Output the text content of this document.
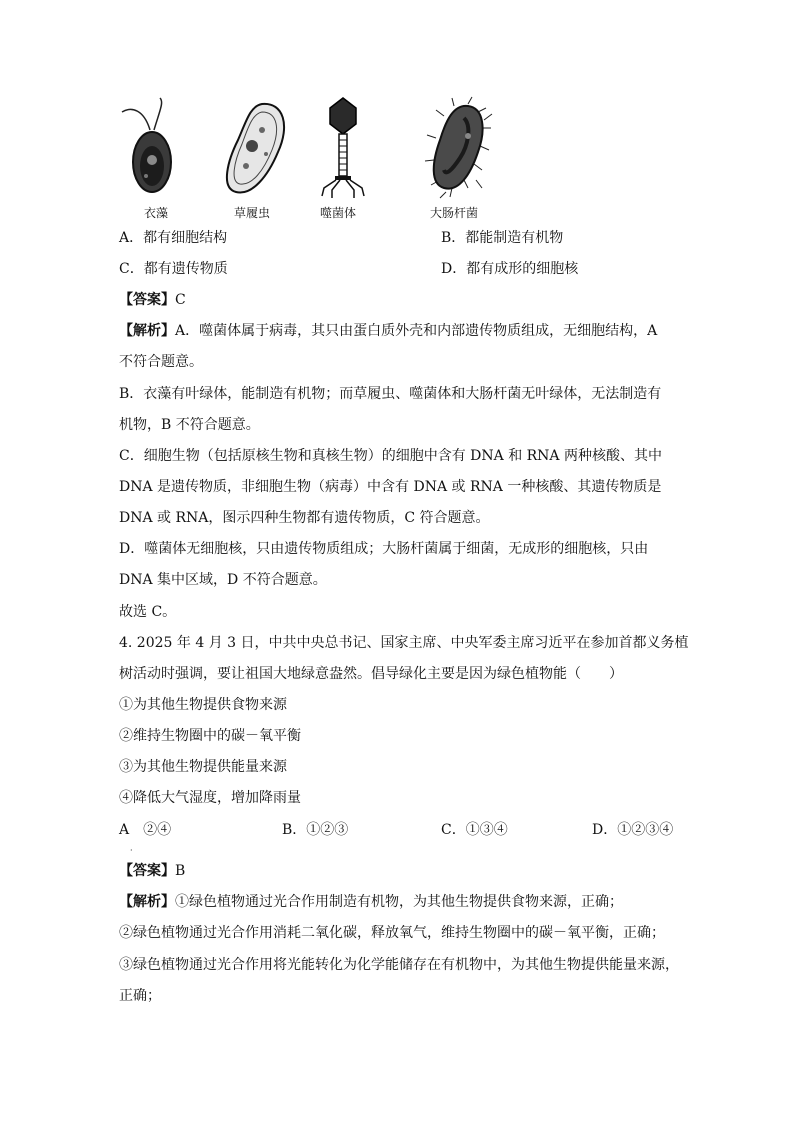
衣藻	草履虫	噬菌体	大肠杆菌
A．都有细胞结构	B．都能制造有机物
C．都有遗传物质	D．都有成形的细胞核
【答案】C
【解析】A．噬菌体属于病毒，其只由蛋白质外壳和内部遗传物质组成，无细胞结构，A
不符合题意。
B．衣藻有叶绿体，能制造有机物；而草履虫、噬菌体和大肠杆菌无叶绿体，无法制造有
机物，B 不符合题意。
C．细胞生物（包括原核生物和真核生物）的细胞中含有 DNA 和 RNA 两种核酸、其中
DNA 是遗传物质，非细胞生物（病毒）中含有 DNA 或 RNA 一种核酸、其遗传物质是
DNA 或 RNA，图示四种生物都有遗传物质，C 符合题意。
D．噬菌体无细胞核，只由遗传物质组成；大肠杆菌属于细菌，无成形的细胞核，只由
DNA 集中区域，D 不符合题意。
故选 C。
4. 2025 年 4 月 3 日，中共中央总书记、国家主席、中央军委主席习近平在参加首都义务植
树活动时强调，要让祖国大地绿意盎然。倡导绿化主要是因为绿色植物能（　　）
①为其他生物提供食物来源
②维持生物圈中的碳－氧平衡
③为其他生物提供能量来源
④降低大气湿度，增加降雨量
A　②④	B．①②③	C．①③④	D．①②③④
·
【答案】B
【解析】①绿色植物通过光合作用制造有机物，为其他生物提供食物来源，正确；
②绿色植物通过光合作用消耗二氧化碳，释放氧气，维持生物圈中的碳－氧平衡，正确；
③绿色植物通过光合作用将光能转化为化学能储存在有机物中，为其他生物提供能量来源，
正确；
